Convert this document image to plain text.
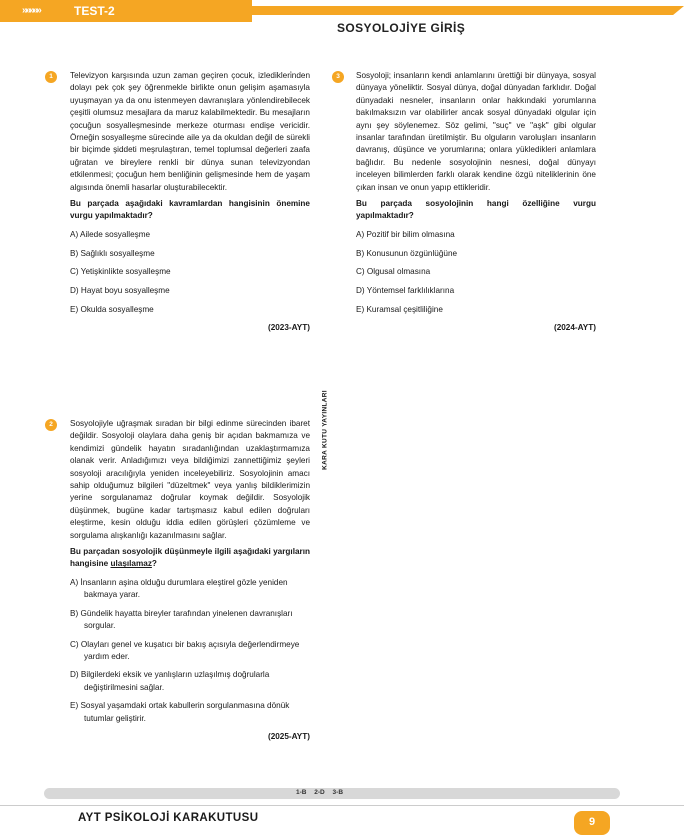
»»»»»	TEST-2
SOSYOLOJİYE GİRİŞ
1	Televizyon karşısında uzun zaman geçiren çocuk, izledikleri̇nden dolayı pek çok şey öğrenmekle birlikte onun gelişim aşamasıyla uyuşmayan ya da onu istenmeyen davranışlara yönlendirebilecek çeşitli olumsuz mesajlara da maruz kalabilmektedir. Bu mesajların çocuğun sosyalleşmesinde merkeze oturması endişe vericidir. Örneğin sosyalleşme sürecinde aile ya da okuldan değil de sürekli bir biçimde şiddeti meşrulaştıran, temel toplumsal değerleri zaafa uğratan ve bireylere renkli bir dünya sunan televizyondan etkilenmesi; çocuğun hem benliğinin gelişmesinde hem de yaşam algısında önemli hasarlar oluşturabilecektir.

Bu parçada aşağıdaki kavramlardan hangisinin önemine vurgu yapılmaktadır?

A) Ailede sosyalleşme
B) Sağlıklı sosyalleşme
C) Yetişkinlikte sosyalleşme
D) Hayat boyu sosyalleşme
E) Okulda sosyalleşme
(2023-AYT)
3	Sosyoloji; insanların kendi anlamlarını ürettiği bir dünyaya, sosyal dünyaya yöneliktir. Sosyal dünya, doğal dünyadan farklıdır. Doğal dünyadaki nesneler, insanların onlar hakkındaki yorumlarına bakılmaksızın var olabilirler ancak sosyal dünyadaki olgular için aynı şey söylenemez. Söz gelimi, "suç" ve "aşk" gibi olgular insanlar tarafından üretilmiştir. Bu olguların varoluşları insanların davranış, düşünce ve yorumlarına; onlara yükledikleri anlamlara bağlıdır. Bu nedenle sosyolojinin nesnesi, doğal dünyayı inceleyen bilimlerden farklı olarak kendine özgü niteliklerinin öne çıkan insan ve onun yapıp ettikleridir.

Bu parçada sosyolojinin hangi özelliğine vurgu yapılmaktadır?

A) Pozitif bir bilim olmasına
B) Konusunun özgünlüğüne
C) Olgusal olmasına
D) Yöntemsel farklılıklarına
E) Kuramsal çeşitliliğine
(2024-AYT)
KARA KUTU YAYINLARI
2	Sosyolojiyle uğraşmak sıradan bir bilgi edinme sürecinden ibaret değildir. Sosyoloji olaylara daha geniş bir açıdan bakmamıza ve kendimizi gündelik hayatın sıradanlığından uzaklaştırmamıza olanak verir. Anladığımızı veya bildiğimizi zannettiğimiz şeyleri sosyoloji aracılığıyla yeniden inceleyebiliriz. Sosyolojinin amacı sahip olduğumuz bilgileri "düzeltmek" veya yanlış bildiklerimizin yerine sorgulanamaz doğrular koymak değildir. Sosyolojik düşünmek, bugüne kadar tartışmasız kabul edilen doğruları eleştirme, kesin olduğu iddia edilen görüşleri çözümleme ve sorgulama alışkanlığı kazanılmasını sağlar.

Bu parçadan sosyolojik düşünmeyle ilgili aşağıdaki yargıların hangisine ulaşılamaz?

A) İnsanların aşina olduğu durumlara eleştirel gözle yeniden bakmaya yarar.
B) Gündelik hayatta bireyler tarafından yinelenen davranışları sorgular.
C) Olayları genel ve kuşatıcı bir bakış açısıyla değerlendirmeye yardım eder.
D) Bilgilerdeki eksik ve yanlışların uzlaşılmış doğrularla değiştirilmesini sağlar.
E) Sosyal yaşamdaki ortak kabullerin sorgulanmasına dönük tutumlar geliştirir.
(2025-AYT)
1-B 2-D 3-B
AYT PSİKOLOJİ KARAKUTUSU	9
